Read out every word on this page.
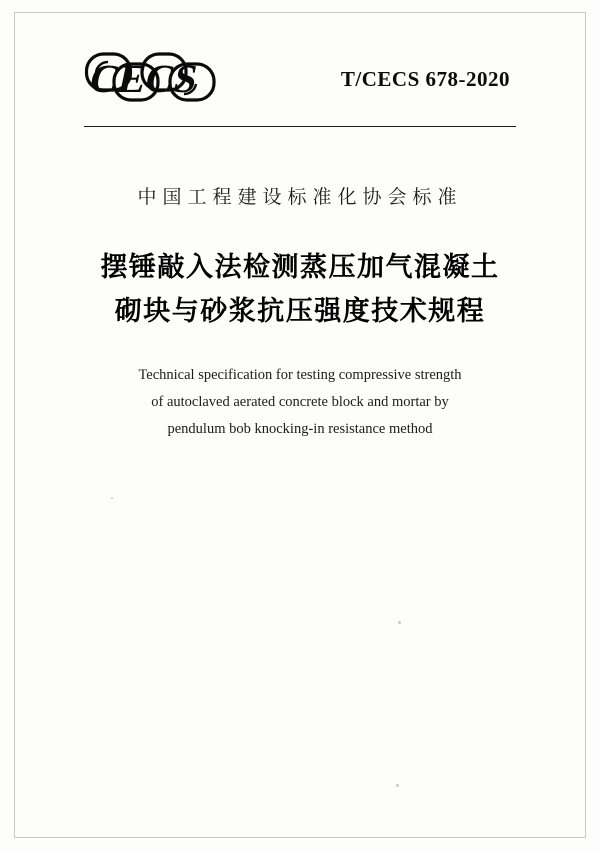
CECS	T/CECS 678-2020
中国工程建设标准化协会标准
摆锤敲入法检测蒸压加气混凝土
砌块与砂浆抗压强度技术规程
Technical specification for testing compressive strength
of autoclaved aerated concrete block and mortar by
pendulum bob knocking-in resistance method
